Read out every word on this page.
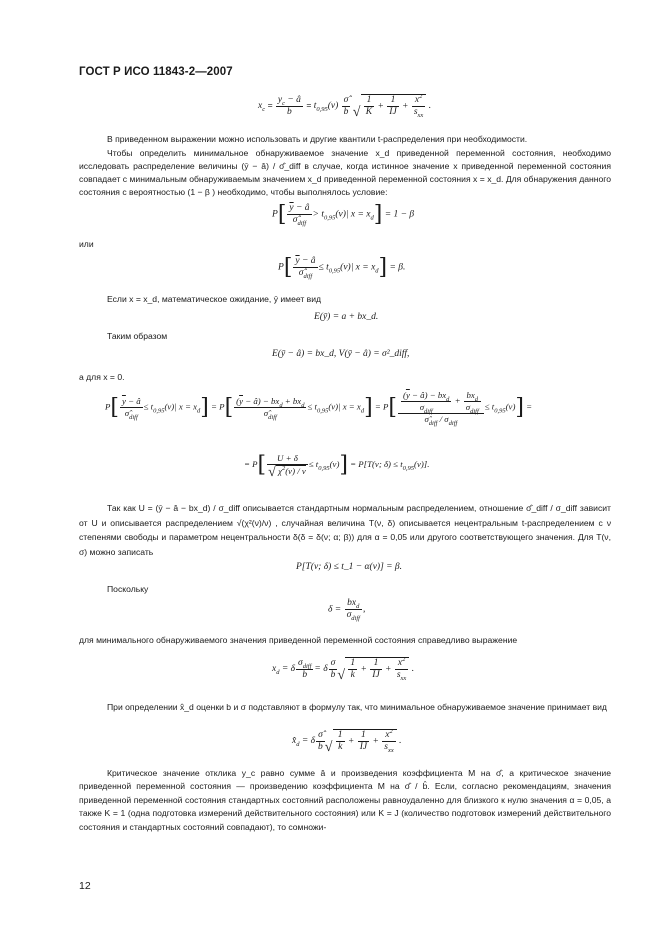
ГОСТ Р ИСО 11843-2—2007
$x_c = \frac{y_c - â}{b} = t_{0,95}(\nu) \frac{\sigmâ}{b}$
√ $\frac{1}{K} + \frac{1}{IJ} + \frac{\overline{x}^2}{s_{xx}}$ .
В приведенном выражении можно использовать и другие квантили t-распределения при необходимости.
Чтобы определить минимальное обнаруживаемое значение x_d приведенной переменной состояния, необходимо исследовать распределение величины (ȳ − â) / σ̂_diff в случае, когда истинное значение x приведенной переменной состояния совпадает с минимальным обнаруживаемым значением x_d приведенной переменной состояния x = x_d. Для обнаружения данного состояния с вероятностью (1 − β ) необходимо, чтобы выполнялось условие:
$P[ \frac{\overline{y} - â}{\sigmâ_{diff}} > t_{0,95}(\nu)|$ $x = x_d] = 1 - \beta$
или
$P[ \frac{\overline{y} - â}{\sigmâ_{diff}} \le t_{0,95}(\nu)|$ $x = x_d] = \beta$.
Если x = x_d, математическое ожидание, ȳ имеет вид
E(ȳ) = a + bx_d.
Таким образом
E(ȳ − â) = bx_d, V(ȳ − â) = σ²_diff,
а для x = 0.
$P[ \frac{\overline{y} - â}{\sigmâ_{diff}} \le t_{0,95}(\nu)|$ $x = x_d] = P[ \frac{(\overline{y} - â) - bx_d + bx_d}{\sigmâ_{diff}} \le t_{0,95}(\nu)|$ $x = x_d] = P[ \frac{\frac{(\overline{y} - â) - bx_d}{\sigma_{diff}} + \frac{bx_d}{\sigma_{diff}}}{\sigmâ_{diff} / \sigma_{diff}} \le t_{0,95}(\nu)]$ =
= P[ U + δ
√ $\chi^2(\nu) / \nu \le t_{0,95}(\nu)] = P[T(\nu$; $\delta) \le t_{0,95}(\nu)$].
Так как U = (ȳ − â − bx_d) / σ_diff описывается стандартным нормальным распределением, отношение σ̂_diff / σ_diff зависит от U и описывается распределением √(χ²(ν)/ν) , случайная величина T(ν, δ) описывается нецентральным t-распределением с ν степенями свободы и параметром нецентральности δ(δ = δ(ν; α; β)) для α = 0,05 или другого соответствующего значения. Для T(ν, σ) можно записать
P[T(ν; δ) ≤ t_1 − α(ν)] = β.
Поскольку
$\delta = \frac{bx_d}{\sigma_{diff}}$ ,
для минимального обнаруживаемого значения приведенной переменной состояния справедливо выражение
$x_d = \delta \frac{\sigma_{diff}}{b} = \delta \frac{\sigma}{b}$ √ $\frac{1}{k} + \frac{1}{IJ} + \frac{\overline{x}^2}{s_{xx}}$ .
При определении x̂_d оценки b и σ подставляют в формулу так, что минимальное обнаруживаемое значение принимает вид
$x̂_d = \delta \frac{\sigmâ}{b}$ √ $\frac{1}{k} + \frac{1}{IJ} + \frac{\overline{x}^2}{s_{xx}}$ .
Критическое значение отклика y_c равно сумме â и произведения коэффициента M на σ̂, а критическое значение приведенной переменной состояния — произведению коэффициента M на σ̂ / b̂. Если, согласно рекомендациям, значения приведенной переменной состояния стандартных состояний расположены равноудаленно для близкого к нулю значения α = 0,05, а также K = 1 (одна подготовка измерений действительного состояния) или K = J (количество подготовок измерений действительного состояния и стандартных состояний совпадают), то сомножи-
12
